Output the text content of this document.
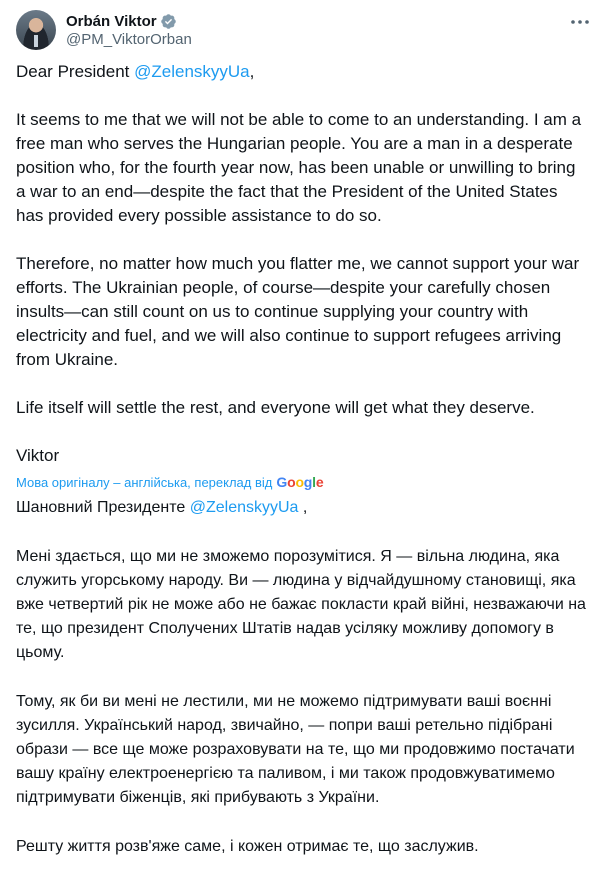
Orbán Viktor
@PM_ViktorOrban

Dear President @ZelenskyyUa,

It seems to me that we will not be able to come to an understanding. I am a free man who serves the Hungarian people. You are a man in a desperate position who, for the fourth year now, has been unable or unwilling to bring a war to an end—despite the fact that the President of the United States has provided every possible assistance to do so.

Therefore, no matter how much you flatter me, we cannot support your war efforts. The Ukrainian people, of course—despite your carefully chosen insults—can still count on us to continue supplying your country with electricity and fuel, and we will also continue to support refugees arriving from Ukraine.

Life itself will settle the rest, and everyone will get what they deserve.

Viktor

Мова оригіналу – англійська, переклад від Google

Шановний Президенте @ZelenskyyUa ,

Мені здається, що ми не зможемо порозумітися. Я — вільна людина, яка служить угорському народу. Ви — людина у відчайдушному становищі, яка вже четвертий рік не може або не бажає покласти край війні, незважаючи на те, що президент Сполучених Штатів надав усіляку можливу допомогу в цьому.

Тому, як би ви мені не лестили, ми не можемо підтримувати ваші воєнні зусилля. Український народ, звичайно, — попри ваші ретельно підібрані образи — все ще може розраховувати на те, що ми продовжимо постачати вашу країну електроенергією та паливом, і ми також продовжуватимемо підтримувати біженців, які прибувають з України.

Решту життя розв'яже саме, і кожен отримає те, що заслужив.
